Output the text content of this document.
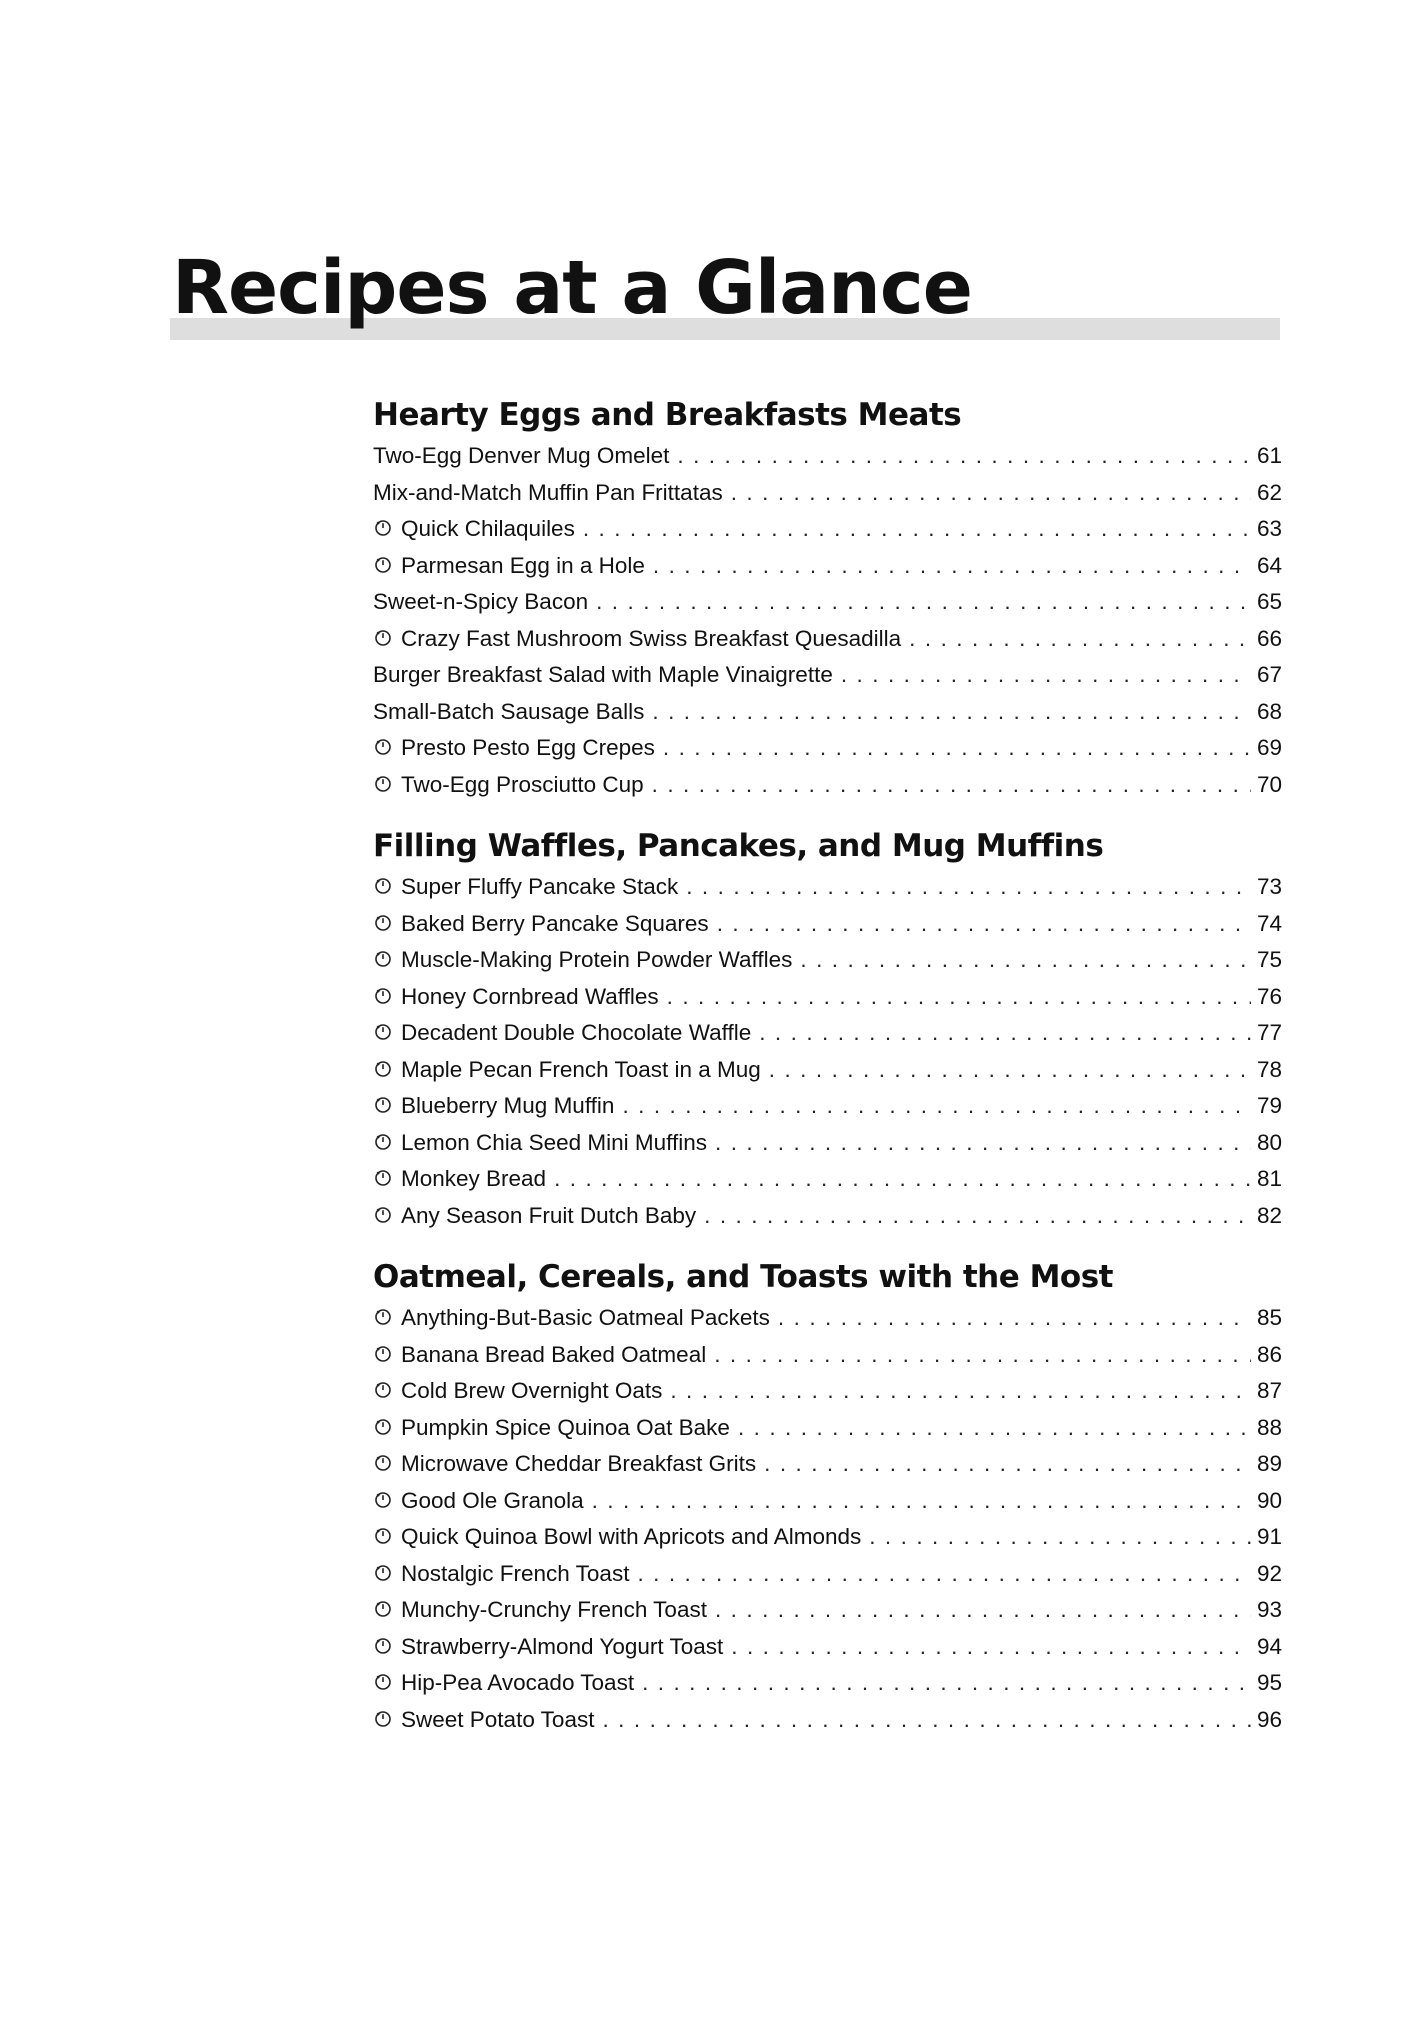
Recipes at a Glance
Hearty Eggs and Breakfasts Meats
Two-Egg Denver Mug Omelet . . .	61
Mix-and-Match Muffin Pan Frittatas . . .	62
Quick Chilaquiles . . .	63
Parmesan Egg in a Hole . . .	64
Sweet-n-Spicy Bacon . . .	65
Crazy Fast Mushroom Swiss Breakfast Quesadilla . . .	66
Burger Breakfast Salad with Maple Vinaigrette . . .	67
Small-Batch Sausage Balls . . .	68
Presto Pesto Egg Crepes . . .	69
Two-Egg Prosciutto Cup . . .	70
Filling Waffles, Pancakes, and Mug Muffins
Super Fluffy Pancake Stack . . .	73
Baked Berry Pancake Squares . . .	74
Muscle-Making Protein Powder Waffles . . .	75
Honey Cornbread Waffles . . .	76
Decadent Double Chocolate Waffle . . .	77
Maple Pecan French Toast in a Mug . . .	78
Blueberry Mug Muffin . . .	79
Lemon Chia Seed Mini Muffins . . .	80
Monkey Bread . . .	81
Any Season Fruit Dutch Baby . . .	82
Oatmeal, Cereals, and Toasts with the Most
Anything-But-Basic Oatmeal Packets . . .	85
Banana Bread Baked Oatmeal . . .	86
Cold Brew Overnight Oats . . .	87
Pumpkin Spice Quinoa Oat Bake . . .	88
Microwave Cheddar Breakfast Grits . . .	89
Good Ole Granola . . .	90
Quick Quinoa Bowl with Apricots and Almonds . . .	91
Nostalgic French Toast . . .	92
Munchy-Crunchy French Toast . . .	93
Strawberry-Almond Yogurt Toast . . .	94
Hip-Pea Avocado Toast . . .	95
Sweet Potato Toast . . .	96
